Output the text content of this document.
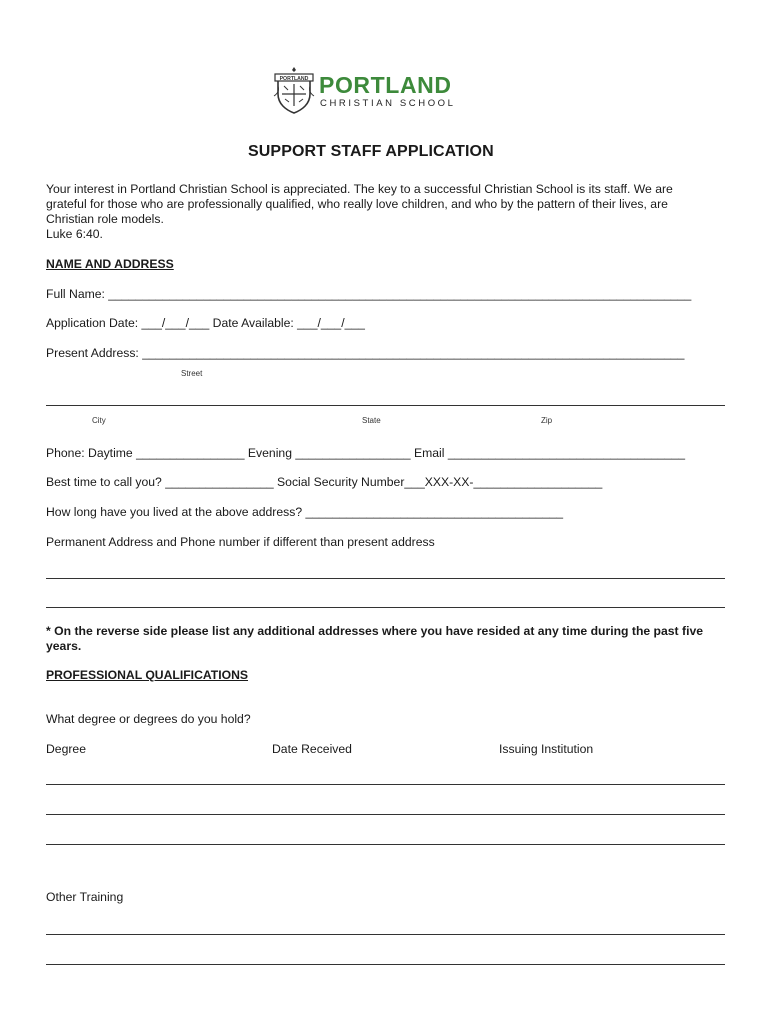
PORTLAND PORTLAND
CHRISTIAN SCHOOL
SUPPORT STAFF APPLICATION
Your interest in Portland Christian School is appreciated. The key to a successful Christian School is its staff. We are
grateful for those who are professionally qualified, who really love children, and who by the pattern of their lives, are
Christian role models.
Luke 6:40.
NAME AND ADDRESS
Full Name: ______________________________________________________________________________________
Application Date: ___/___/___ Date Available: ___/___/___
Present Address: ________________________________________________________________________________
Street
City	State	Zip
Phone: Daytime ________________ Evening _________________ Email ___________________________________
Best time to call you? ________________ Social Security Number___XXX-XX-___________________
How long have you lived at the above address? ______________________________________
Permanent Address and Phone number if different than present address
* On the reverse side please list any additional addresses where you have resided at any time during the past five
years.
PROFESSIONAL QUALIFICATIONS
What degree or degrees do you hold?
Degree	Date Received	Issuing Institution
Other Training
